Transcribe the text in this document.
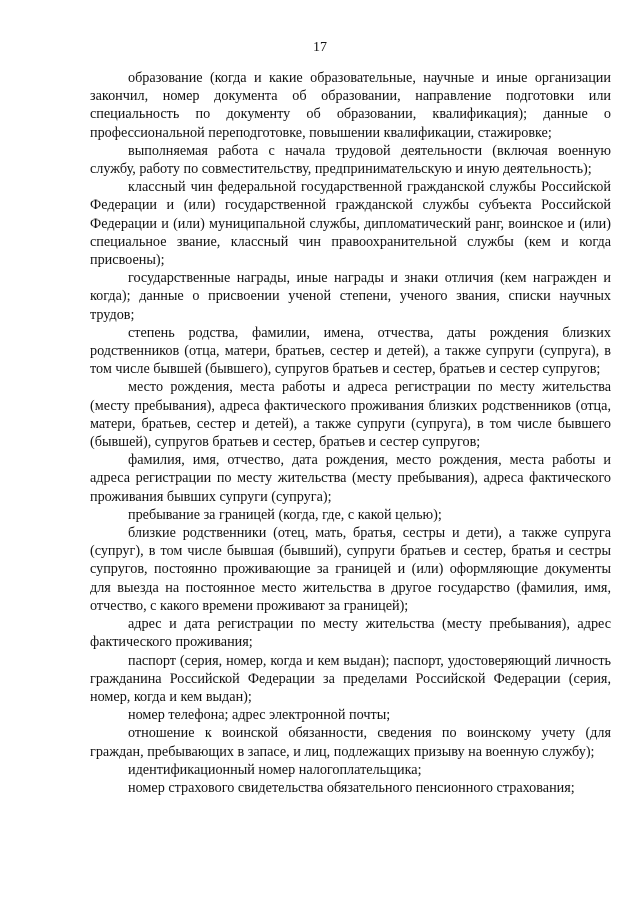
17

образование (когда и какие образовательные, научные и иные организации закончил, номер документа об образовании, направление подготовки или специальность по документу об образовании, квалификация); данные о профессиональной переподготовке, повышении квалификации, стажировке;

выполняемая работа с начала трудовой деятельности (включая военную службу, работу по совместительству, предпринимательскую и иную деятельность);

классный чин федеральной государственной гражданской службы Российской Федерации и (или) государственной гражданской службы субъекта Российской Федерации и (или) муниципальной службы, дипломатический ранг, воинское и (или) специальное звание, классный чин правоохранительной службы (кем и когда присвоены);

государственные награды, иные награды и знаки отличия (кем награжден и когда); данные о присвоении ученой степени, ученого звания, списки научных трудов;

степень родства, фамилии, имена, отчества, даты рождения близких родственников (отца, матери, братьев, сестер и детей), а также супруги (супруга), в том числе бывшей (бывшего), супругов братьев и сестер, братьев и сестер супругов;

место рождения, места работы и адреса регистрации по месту жительства (месту пребывания), адреса фактического проживания близких родственников (отца, матери, братьев, сестер и детей), а также супруги (супруга), в том числе бывшего (бывшей), супругов братьев и сестер, братьев и сестер супругов;

фамилия, имя, отчество, дата рождения, место рождения, места работы и адреса регистрации по месту жительства (месту пребывания), адреса фактического проживания бывших супруги (супруга);

пребывание за границей (когда, где, с какой целью);

близкие родственники (отец, мать, братья, сестры и дети), а также супруга (супруг), в том числе бывшая (бывший), супруги братьев и сестер, братья и сестры супругов, постоянно проживающие за границей и (или) оформляющие документы для выезда на постоянное место жительства в другое государство (фамилия, имя, отчество, с какого времени проживают за границей);

адрес и дата регистрации по месту жительства (месту пребывания), адрес фактического проживания;

паспорт (серия, номер, когда и кем выдан); паспорт, удостоверяющий личность гражданина Российской Федерации за пределами Российской Федерации (серия, номер, когда и кем выдан);

номер телефона; адрес электронной почты;

отношение к воинской обязанности, сведения по воинскому учету (для граждан, пребывающих в запасе, и лиц, подлежащих призыву на военную службу);

идентификационный номер налогоплательщика;

номер страхового свидетельства обязательного пенсионного страхования;
